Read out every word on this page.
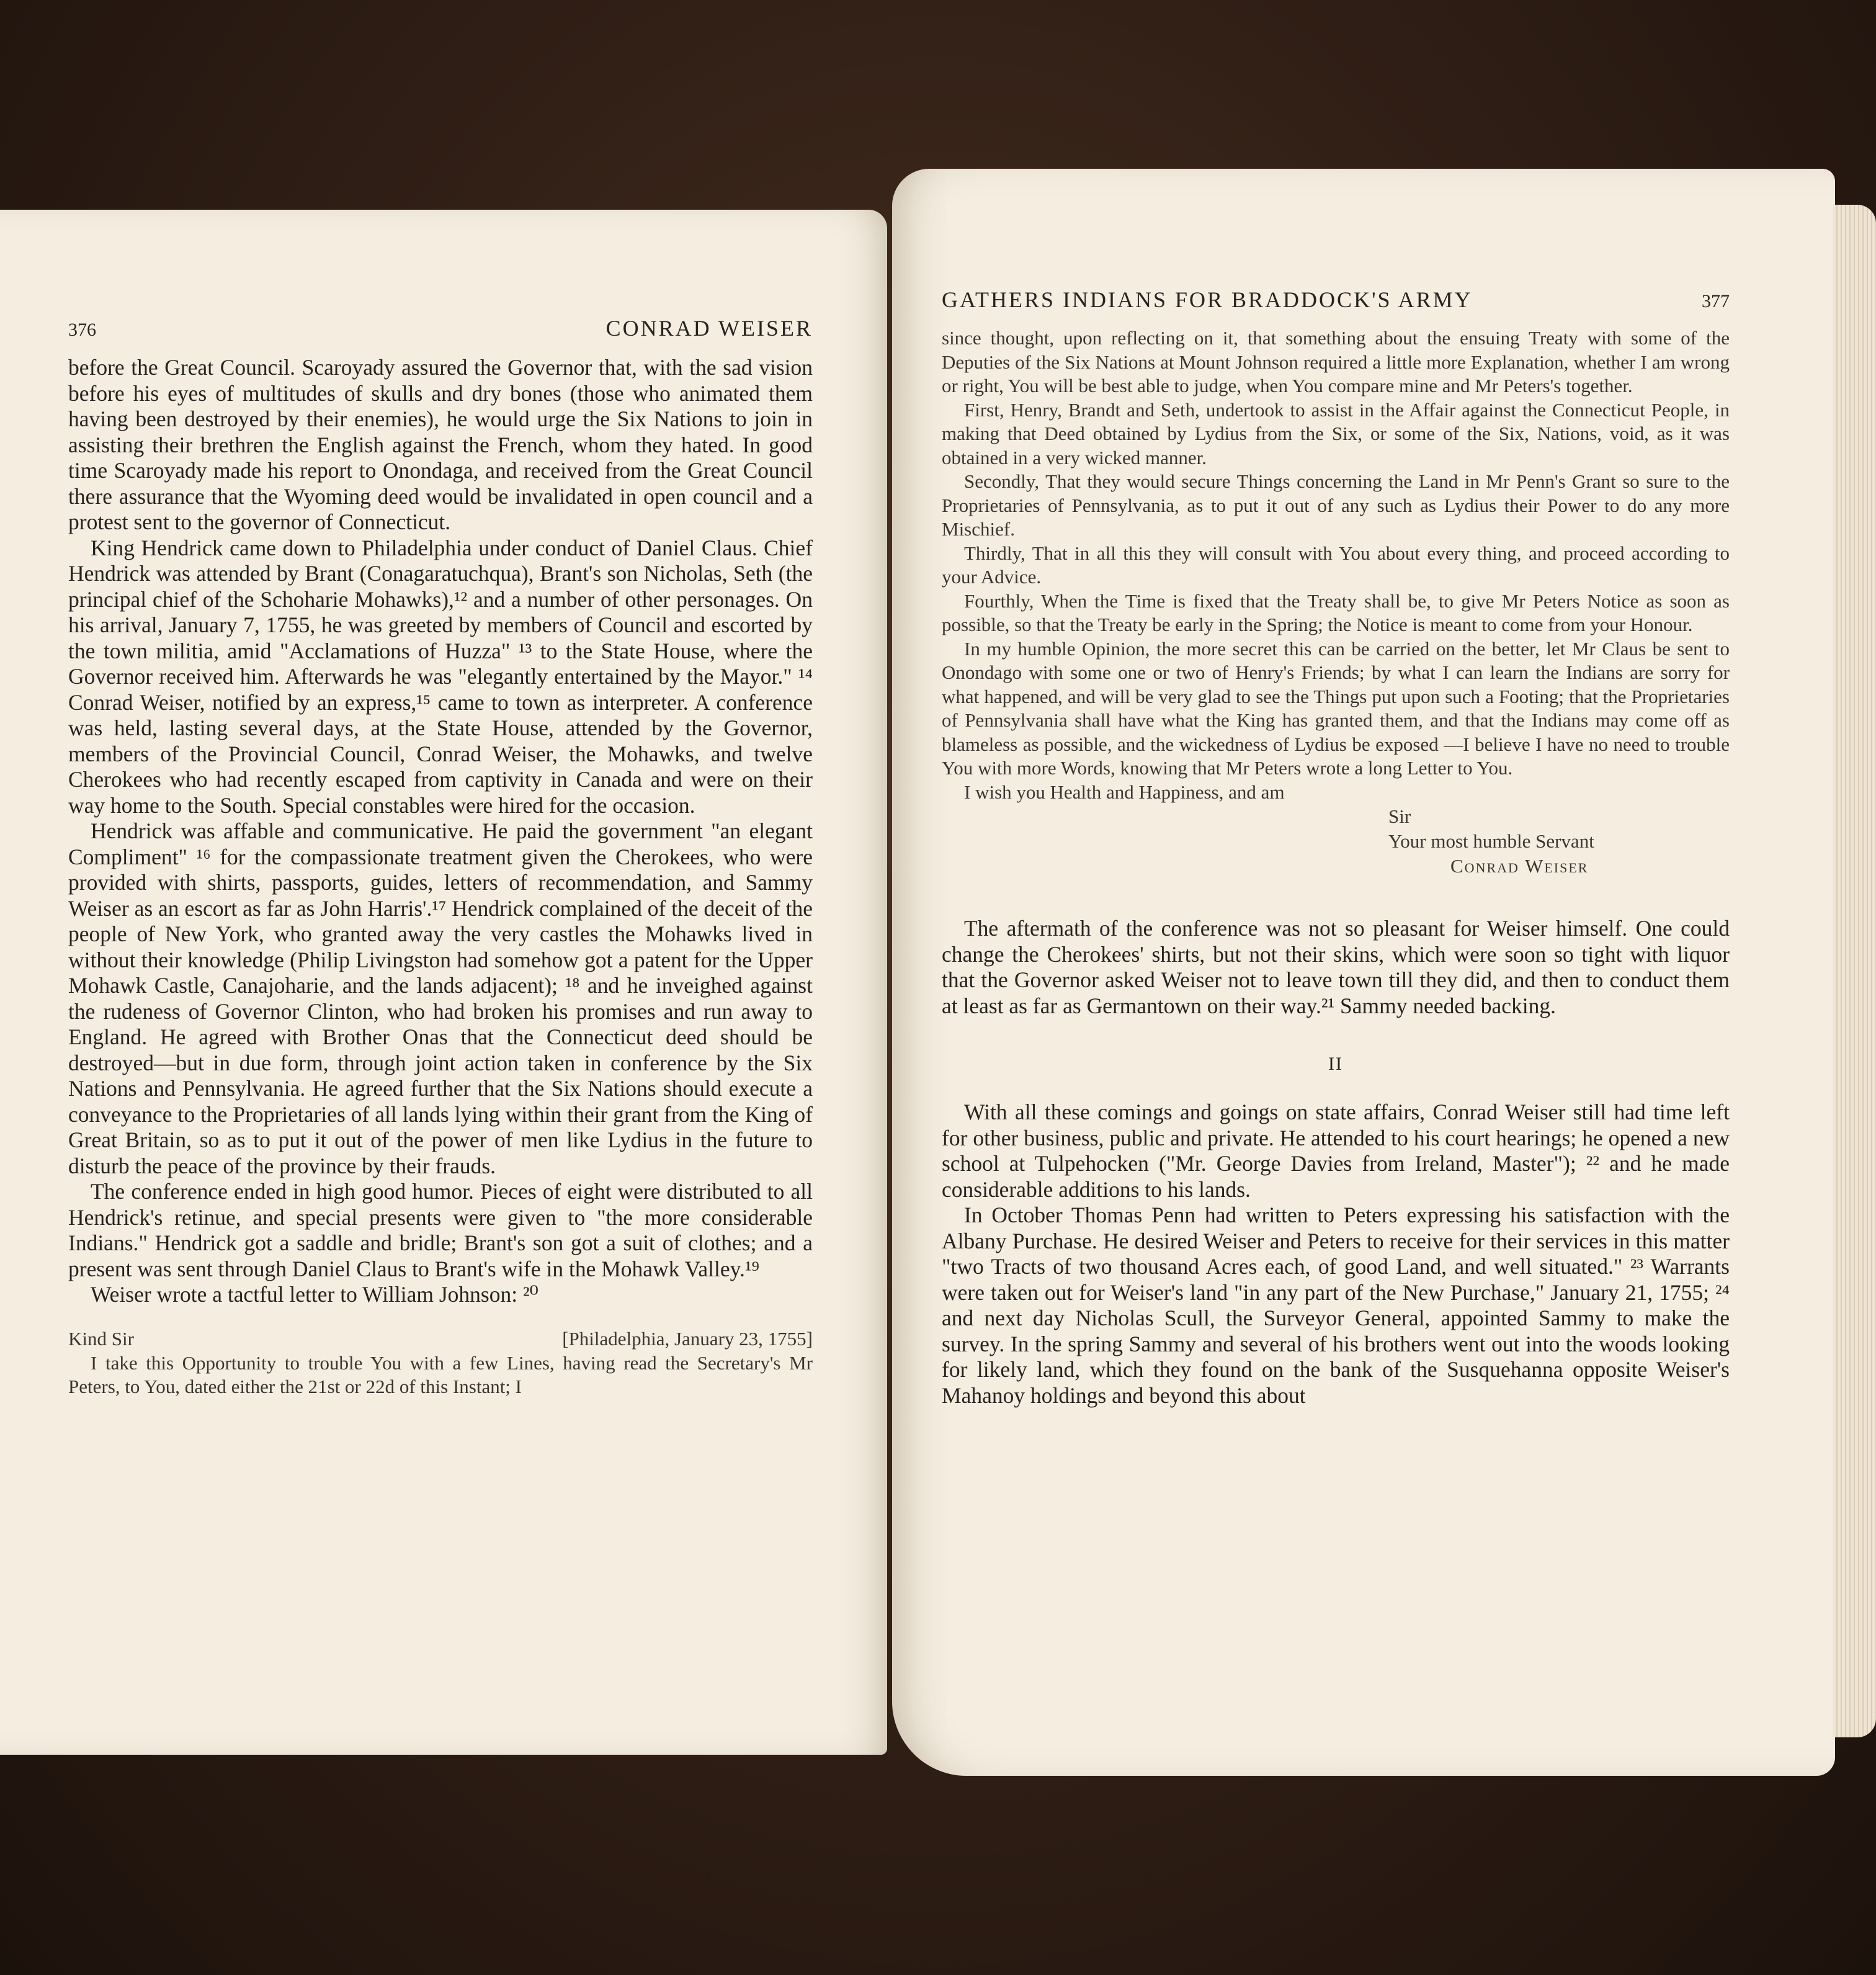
376	CONRAD WEISER

before the Great Council. Scaroyady assured the Governor that, with the sad vision before his eyes of multitudes of skulls and dry bones (those who animated them having been destroyed by their enemies), he would urge the Six Nations to join in assisting their brethren the English against the French, whom they hated. In good time Scaroyady made his report to Onondaga, and received from the Great Council there assurance that the Wyoming deed would be invalidated in open council and a protest sent to the governor of Connecticut.

King Hendrick came down to Philadelphia under conduct of Daniel Claus. Chief Hendrick was attended by Brant (Conagaratuchqua), Brant's son Nicholas, Seth (the principal chief of the Schoharie Mohawks),¹² and a number of other personages. On his arrival, January 7, 1755, he was greeted by members of Council and escorted by the town militia, amid "Acclamations of Huzza" ¹³ to the State House, where the Governor received him. Afterwards he was "elegantly entertained by the Mayor." ¹⁴ Conrad Weiser, notified by an express,¹⁵ came to town as interpreter. A conference was held, lasting several days, at the State House, attended by the Governor, members of the Provincial Council, Conrad Weiser, the Mohawks, and twelve Cherokees who had recently escaped from captivity in Canada and were on their way home to the South. Special constables were hired for the occasion.

Hendrick was affable and communicative. He paid the government "an elegant Compliment" ¹⁶ for the compassionate treatment given the Cherokees, who were provided with shirts, passports, guides, letters of recommendation, and Sammy Weiser as an escort as far as John Harris'.¹⁷ Hendrick complained of the deceit of the people of New York, who granted away the very castles the Mohawks lived in without their knowledge (Philip Livingston had somehow got a patent for the Upper Mohawk Castle, Canajoharie, and the lands adjacent); ¹⁸ and he inveighed against the rudeness of Governor Clinton, who had broken his promises and run away to England. He agreed with Brother Onas that the Connecticut deed should be destroyed—but in due form, through joint action taken in conference by the Six Nations and Pennsylvania. He agreed further that the Six Nations should execute a conveyance to the Proprietaries of all lands lying within their grant from the King of Great Britain, so as to put it out of the power of men like Lydius in the future to disturb the peace of the province by their frauds.

The conference ended in high good humor. Pieces of eight were distributed to all Hendrick's retinue, and special presents were given to "the more considerable Indians." Hendrick got a saddle and bridle; Brant's son got a suit of clothes; and a present was sent through Daniel Claus to Brant's wife in the Mohawk Valley.¹⁹

Weiser wrote a tactful letter to William Johnson: ²⁰

Kind Sir	[Philadelphia, January 23, 1755]

I take this Opportunity to trouble You with a few Lines, having read the Secretary's Mr Peters, to You, dated either the 21st or 22d of this Instant; I

GATHERS INDIANS FOR BRADDOCK'S ARMY	377

since thought, upon reflecting on it, that something about the ensuing Treaty with some of the Deputies of the Six Nations at Mount Johnson required a little more Explanation, whether I am wrong or right, You will be best able to judge, when You compare mine and Mr Peters's together.

First, Henry, Brandt and Seth, undertook to assist in the Affair against the Connecticut People, in making that Deed obtained by Lydius from the Six, or some of the Six, Nations, void, as it was obtained in a very wicked manner.

Secondly, That they would secure Things concerning the Land in Mr Penn's Grant so sure to the Proprietaries of Pennsylvania, as to put it out of any such as Lydius their Power to do any more Mischief.

Thirdly, That in all this they will consult with You about every thing, and proceed according to your Advice.

Fourthly, When the Time is fixed that the Treaty shall be, to give Mr Peters Notice as soon as possible, so that the Treaty be early in the Spring; the Notice is meant to come from your Honour.

In my humble Opinion, the more secret this can be carried on the better, let Mr Claus be sent to Onondago with some one or two of Henry's Friends; by what I can learn the Indians are sorry for what happened, and will be very glad to see the Things put upon such a Footing; that the Proprietaries of Pennsylvania shall have what the King has granted them, and that the Indians may come off as blameless as possible, and the wickedness of Lydius be exposed —I believe I have no need to trouble You with more Words, knowing that Mr Peters wrote a long Letter to You.

I wish you Health and Happiness, and am

Sir
Your most humble Servant
Conrad Weiser

The aftermath of the conference was not so pleasant for Weiser himself. One could change the Cherokees' shirts, but not their skins, which were soon so tight with liquor that the Governor asked Weiser not to leave town till they did, and then to conduct them at least as far as Germantown on their way.²¹ Sammy needed backing.

II

With all these comings and goings on state affairs, Conrad Weiser still had time left for other business, public and private. He attended to his court hearings; he opened a new school at Tulpehocken ("Mr. George Davies from Ireland, Master"); ²² and he made considerable additions to his lands.

In October Thomas Penn had written to Peters expressing his satisfaction with the Albany Purchase. He desired Weiser and Peters to receive for their services in this matter "two Tracts of two thousand Acres each, of good Land, and well situated." ²³ Warrants were taken out for Weiser's land "in any part of the New Purchase," January 21, 1755; ²⁴ and next day Nicholas Scull, the Surveyor General, appointed Sammy to make the survey. In the spring Sammy and several of his brothers went out into the woods looking for likely land, which they found on the bank of the Susquehanna opposite Weiser's Mahanoy holdings and beyond this about
